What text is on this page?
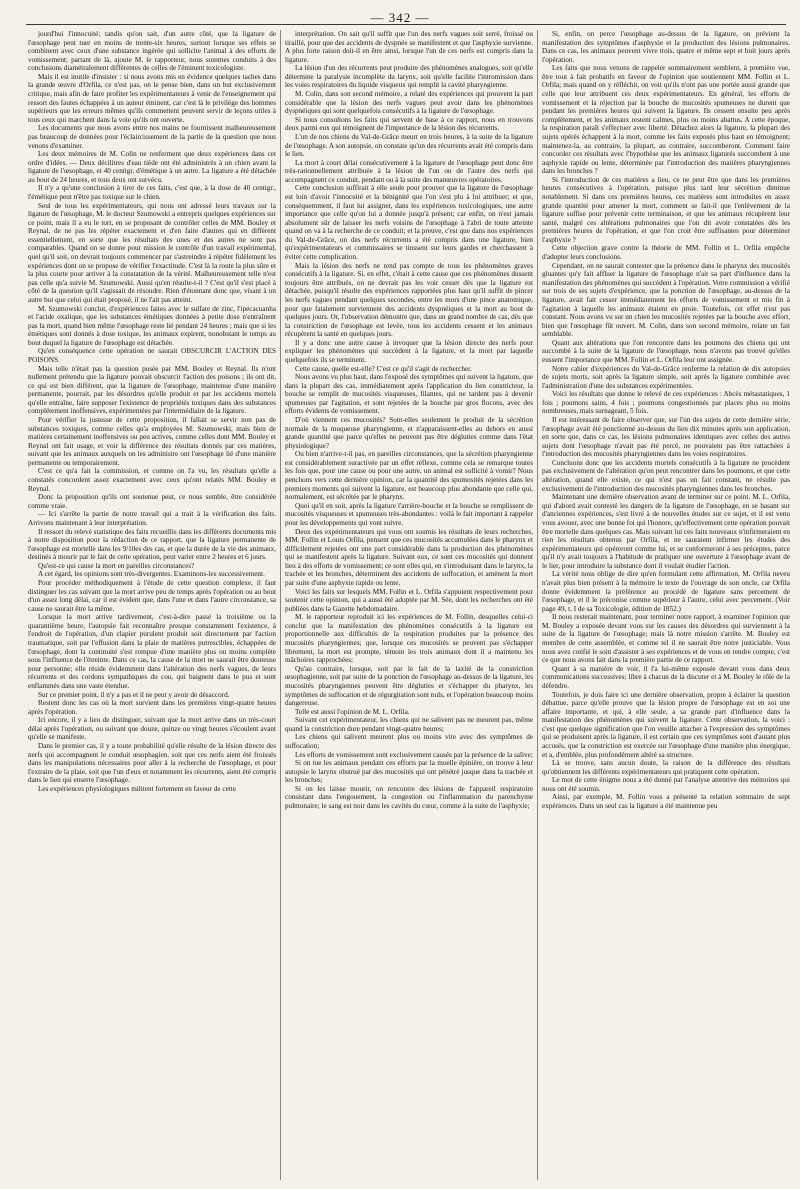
— 342 —

jourd'hui l'innocuité; tandis qu'on sait, d'un autre côté, que la ligature de l'œsophage peut tuer en moins de trente-six heures, surtout lorsque ses effets se combinent avec ceux d'une substance ingérée qui sollicite l'animal à des efforts de vomissement; partant de là, ajoute M. le rapporteur, nous sommes conduits à des conclusions diamétralement différentes de celles de l'éminent toxicologiste.

Mais il est inutile d'insister : si nous avons mis en évidence quelques taches dans la grande œuvre d'Orfila, ce n'est pas, on le pense bien, dans un but exclusivement critique, mais afin de faire profiter les expérimentateurs à venir de l'enseignement qui ressort des fautes échappées à un auteur éminent, car c'est là le privilége des hommes supérieurs que les erreurs mêmes qu'ils commettent peuvent servir de leçons utiles à tous ceux qui marchent dans la voie qu'ils ont ouverte.

Les documents que nous avons entre nos mains ne fournissent malheureusement pas beaucoup de données pour l'éclaircissement de la partie de la question que nous venons d'examiner.

Les deux mémoires de M. Colin ne renferment que deux expériences dans cet ordre d'idées. — Deux décilitres d'eau tiède ont été administrés à un chien avant la ligature de l'œsophage, et 40 centigr. d'émétique à un autre. La ligature a été détachée au bout de 24 heures, et tous deux ont survécu.

Il n'y a qu'une conclusion à tirer de ces faits, c'est que, à la dose de 40 centigr., l'émétique peut n'être pas toxique sur le chien.

Seul de tous les expérimentateurs, qui nous ont adressé leurs travaux sur la ligature de l'œsophage, M. le docteur Szumowski a entrepris quelques expériences sur ce point, mais il a eu le tort, en se proposant de contrôler celles de MM. Bouley et Reynal, de ne pas les répéter exactement et d'en faire d'autres qui en diffèrent essentiellement, en sorte que les résultats des unes et des autres ne sont pas comparables. Quand on se donne pour mission le contrôle d'un travail expérimental, quel qu'il soit, on devrait toujours commencer par s'astreindre à répéter fidèlement les expériences dont on se propose de vérifier l'exactitude. C'est là la route la plus sûre et la plus courte pour arriver à la constatation de la vérité. Malheureusement telle n'est pas celle qu'a suivie M. Szumowski. Aussi qu'en résulte-t-il ? C'est qu'il s'est placé à côté de la question qu'il s'agissait de résoudre. Rien d'étonnant donc que, visant à un autre but que celui qui était proposé, il ne l'ait pas atteint.

M. Szumowski conclut, d'expériences faites avec le sulfate de zinc, l'ipécacuanha et l'acide oxalique, que les substances émétiques données à petite dose n'entraînent pas la mort, quand bien même l'œsophage reste lié pendant 24 heures ; mais que si les émétiques sont donnés à dose toxique, les animaux expirent, nonobstant le temps au bout duquel la ligature de l'œsophage est détachée.

Qu'en conséquence cette opération ne saurait OBSCURCIR L'ACTION DES POISONS.

Mais telle n'était pas la question posée par MM. Bouley et Reynal. Ils n'ont nullement prétendu que la ligature pouvait obscurcir l'action des poisons ; ils ont dit, ce qui est bien différent, que la ligature de l'œsophage, maintenue d'une manière permanente, pourrait, par les désordres qu'elle produit et par les accidents mortels qu'elle entraîne, faire supposer l'existence de propriétés toxiques dans des substances complétement inoffensives, expérimentées par l'intermédiaire de la ligature.

Pour vérifier la justesse de cette proposition, il fallait se servir non pas de substances toxiques, comme celles qu'a employées M. Szumowski, mais bien de matières certainement inoffensives ou peu actives, comme celles dont MM. Bouley et Reynal ont fait usage, et voir la différence des résultats donnés par ces matières, suivant que les animaux auxquels on les administre ont l'œsophage lié d'une manière permanente ou temporairement.

C'est ce qu'a fait la commission, et comme on l'a vu, les résultats qu'elle a constatés concordent assez exactement avec ceux qu'ont relatés MM. Bouley et Reynal.

Donc la proposition qu'ils ont soutenue peut, ce nous semble, être considérée comme vraie.

— Ici s'arrête la partie de notre travail qui a trait à la vérification des faits. Arrivons maintenant à leur interprétation.

Il ressort du relevé statistique des faits recueillis dans les différents documents mis à notre disposition pour la rédaction de ce rapport, que la ligature permanente de l'œsophage est mortelle dans les 9/10es des cas, et que la durée de la vie des animaux, destinés à mourir par le fait de cette opération, peut varier entre 2 heures et 6 jours.

Qu'est-ce qui cause la mort en pareilles circonstances?

A cet égard, les opinions sont très-divergentes. Examinons-les successivement.

Pour procéder méthodiquement à l'étude de cette question complexe, il faut distinguer les cas suivant que la mort arrive peu de temps après l'opération ou au bout d'un assez long délai, car il est évident que, dans l'une et dans l'autre circonstance, sa cause ne saurait être la même.

Lorsque la mort arrive tardivement, c'est-à-dire passé la troisième ou la quarantième heure, l'autopsie fait reconnaître presque constamment l'existence, à l'endroit de l'opération, d'un clapier purulent produit soit directement par l'action traumatique, soit par l'effusion dans la plaie de matières putrescibles, échappées de l'œsophage, dont la continuité s'est rompue d'une manière plus ou moins complète sous l'influence de l'étreinte. Dans ce cas, la cause de la mort ne saurait être douteuse pour personne; elle réside évidemment dans l'altération des nerfs vagues, de leurs récurrents et des cordons sympathiques du cou, qui baignent dans le pus et sont enflammés dans une vaste étendue.

Sur ce premier point, il n'y a pas et il ne peut y avoir de désaccord.

Restent donc les cas où la mort survient dans les premières vingt-quatre heures après l'opération.

Ici encore, il y a lieu de distinguer, suivant que la mort arrive dans un très-court délai après l'opération, ou suivant que douze, quinze ou vingt heures s'écoulent avant qu'elle se manifeste.

Dans le premier cas, il y a toute probabilité qu'elle résulte de la lésion directe des nerfs qui accompagnent le conduit œsophagien, soit que ces nerfs aient été froissés dans les manipulations nécessaires pour aller à la recherche de l'œsophage, et pour l'extraire de la plaie, soit que l'un d'eux et notamment les récurrents, aient été compris dans le lien qui enserre l'œsophage.

Les expériences physiologiques militent fortement en faveur de cette

interprétation. On sait qu'il suffit que l'un des nerfs vagues soit serré, froissé ou tiraillé, pour que des accidents de dyspnée se manifestent et que l'asphyxie survienne. A plus forte raison doit-il en être ainsi, lorsque l'un de ces nerfs est compris dans la ligature.

La lésion d'un des récurrents peut produire des phénomènes analogues, soit qu'elle détermine la paralysie incomplète du larynx, soit qu'elle facilite l'intromission dans les voies respiratoires du liquide visqueux qui remplit la cavité pharyngienne.

M. Colin, dans son second mémoire, a relaté des expériences qui prouvent la part considérable que la lésion des nerfs vagues peut avoir dans les phénomènes dyspnéiques qui sont quelquefois consécutifs à la ligature de l'œsophage.

Si nous consultons les faits qui servent de base à ce rapport, nous en trouvons deux parmi eux qui témoignent de l'importance de la lésion des récurrents.

L'un de nos chiens du Val-de-Grâce meurt en trois heures, à la suite de la ligature de l'œsophage. A son autopsie, on constate qu'un des récurrents avait été compris dans le lien.

La mort à court délai consécutivement à la ligature de l'œsophage peut donc être très-rationnellement attribuée à la lésion de l'un ou de l'autre des nerfs qui accompagnent ce conduit, pendant ou à la suite des manœuvres opératoires.

Cette conclusion suffirait à elle seule pour prouver que la ligature de l'œsophage est loin d'avoir l'innocuité et la bénignité que l'on s'est plu à lui attribuer; et que, conséquemment, il faut lui assigner, dans les expériences toxicologiques, une autre importance que celle qu'on lui a donnée jusqu'à présent; car enfin, on n'est jamais absolument sûr de laisser les nerfs voisins de l'œsophage à l'abri de toute atteinte quand on va à la recherche de ce conduit; et la preuve, c'est que dans nos expériences du Val-de-Grâce, un des nerfs récurrents a été compris dans une ligature, bien qu'expérimentateurs et commissaires se tinssent sur leurs gardes et cherchassent à éviter cette complication.

Mais la lésion des nerfs ne rend pas compte de tous les phénomènes graves consécutifs à la ligature. Si, en effet, c'était à cette cause que ces phénomènes dussent toujours être attribués, on ne devrait pas les voir cesser dès que la ligature est détachée, puisqu'il résulte des expériences rapportées plus haut qu'il suffit de pincer les nerfs vagues pendant quelques secondes, entre les mors d'une pince anatomique, pour que fatalement surviennent des accidents dyspnéiques et la mort au bout de quelques jours. Or, l'observation démontre que, dans un grand nombre de cas, dès que la constriction de l'œsophage est levée, tous les accidents cessent et les animaux récupèrent la santé en quelques jours.

Il y a donc une autre cause à invoquer que la lésion directe des nerfs pour expliquer les phénomènes qui succèdent à la ligature, et la mort par laquelle quelquefois ils se terminent.

Cette cause, quelle est-elle? C'est ce qu'il s'agit de rechercher.

Nous avons vu plus haut, dans l'exposé des symptômes qui suivent la ligature, que dans la plupart des cas, immédiatement après l'application du lien constricteur, la bouche se remplit de mucosités visqueuses, filantes, qui ne tardent pas à devenir spumeuses par l'agitation, et sont rejetées de la bouche par gros flocons, avec des efforts évidents de vomissement.

D'où viennent ces mucosités? Sont-elles seulement le produit de la sécrétion normale de la muqueuse pharyngienne, et n'apparaissent-elles au dehors en aussi grande quantité que parce qu'elles ne peuvent pas être dégluties comme dans l'état physiologique?

Ou bien n'arrive-t-il pas, en pareilles circonstances, que la sécrétion pharyngienne est considérablement suractivée par un effet réflexe, comme cela se remarque toutes les fois que, pour une cause ou pour une autre, un animal est sollicité à vomir? Nous penchons vers cette dernière opinion, car la quantité des spumosités rejetées dans les premiers moments qui suivent la ligature, est beaucoup plus abondante que celle qui, normalement, est sécrétée par le pharynx.

Quoi qu'il en soit, après la ligature l'arrière-bouche et la bouche se remplissent de mucosités visqueuses et spumeuses très-abondantes : voilà le fait important à rappeler pour les développements qui vont suivre.

Deux des expérimentateurs qui vous ont soumis les résultats de leurs recherches, MM. Follin et Louis Orfila, pensent que ces mucosités accumulées dans le pharynx et difficilement rejetées ont une part considérable dans la production des phénomènes qui se manifestent après la ligature. Suivant eux, ce sont ces mucosités qui donnent lieu à des efforts de vomissement; ce sont elles qui, en s'introduisant dans le larynx, la trachée et les bronches, déterminent des accidents de suffocation, et amènent la mort par suite d'une asphyxie rapide ou lente.

Voici les faits sur lesquels MM. Follin et L. Orfila s'appuient respectivement pour soutenir cette opinion, qui a aussi été adoptée par M. Sée, dont les recherches ont été publiées dans la Gazette hebdomadaire.

M. le rapporteur reproduit ici les expériences de M. Follin, desquelles celui-ci conclut que la manifestation des phénomènes consécutifs à la ligature est proportionnelle aux difficultés de la respiration produites par la présence des mucosités pharyngiennes; que, lorsque ces mucosités se peuvent pas s'échapper librement, la mort est prompte, témoin les trois animaux dont il a maintenu les mâchoires rapprochées;

Qu'au contraire, lorsque, soit par le fait de la laxité de la constriction œsophagienne, soit par suite de la ponction de l'œsophage au-dessus de la ligature, les mucosités pharyngiennes peuvent être dégluties et s'échapper du pharynx, les symptômes de suffocation et de régurgitation sont nuls, et l'opération beaucoup moins dangereuse.

Telle est aussi l'opinion de M. L. Orfila.

Suivant cet expérimentateur, les chiens qui ne salivent pas ne meurent pas, même quand la constriction dure pendant vingt-quatre heures;

Les chiens qui salivent meurent plus ou moins vite avec des symptômes de suffocation;

Les efforts de vomissement sont exclusivement causés par la présence de la salive;

Si on tue les animaux pendant ces efforts par la moelle épinière, on trouve à leur autopsie le larynx obstrué par des mucosités qui ont pénétré jusque dans la trachée et les bronches;

Si on les laisse mourir, on rencontre des lésions de l'appareil respiratoire consistant dans l'engouement, la congestion ou l'inflammation du parenchyme pulmonaire; le sang est noir dans les cavités du cœur, comme à la suite de l'asphyxie;

Si, enfin, on perce l'œsophage au-dessus de la ligature, on prévient la manifestation des symptômes d'asphyxie et la production des lésions pulmonaires. Dans ce cas, les animaux peuvent vivre trois, quatre et même sept et huit jours après l'opération.

Les faits que nous venons de rappeler sommairement semblent, à première vue, être tout à fait probatifs en faveur de l'opinion que soutiennent MM. Follin et L. Orfila; mais quand on y réfléchit, on voit qu'ils n'ont pas une portée aussi grande que celle que leur attribuent ces deux expérimentateurs. En général, les efforts de vomissement et la réjection par la bouche de mucosités spumeuses ne durent que pendant les premières heures qui suivent la ligature. Ils cessent ensuite peu après complètement, et les animaux restent calmes, plus ou moins abattus. A cette époque, la respiration paraît s'effectuer avec liberté. Détachez alors la ligature, la plupart des sujets opérés échappent à la mort, comme les faits exposés plus haut en témoignent; maintenez-la, au contraire, la plupart, au contraire, succomberont. Comment faire concorder ces résultats avec l'hypothèse que les animaux ligaturés succombent à une asphyxie rapide ou lente, déterminée par l'introduction des matières pharyngiennes dans les bronches ?

Si l'introduction de ces matières a lieu, ce ne peut être que dans les premières heures consécutives à l'opération, puisque plus tard leur sécrétion diminue notablement. Si dans ces premières heures, ces matières sont introduites en assez grande quantité pour amener la mort, comment se fait-il que l'enlèvement de la ligature suffise pour prévenir cette terminaison, et que les animaux récupèrent leur santé, malgré ces altérations pulmonaires que l'on dit avoir constatées dès les premières heures de l'opération, et que l'on croit être suffisantes pour déterminer l'asphyxie ?

Cette objection grave contre la théorie de MM. Follin et L. Orfila empêche d'adopter leurs conclusions.

Cependant, on ne saurait contester que la présence dans le pharynx des mucosités gluantes qu'y fait affluer la ligature de l'œsophage n'ait sa part d'influence dans la manifestation des phénomènes qui succèdent à l'opération. Votre commission a vérifié sur trois de ses sujets d'expérience, que la ponction de l'œsophage, au-dessus de la ligature, avait fait cesser immédiatement les efforts de vomissement et mis fin à l'agitation à laquelle les animaux étaient en proie. Toutefois, cet effet n'est pas constant. Nous avons vu sur un chien les mucosités rejetées par la bouche avec effort, bien que l'œsophage fût ouvert. M. Colin, dans son second mémoire, relate un fait semblable.

Quant aux altérations que l'on rencontre dans les poumons des chiens qui ont succombé à la suite de la ligature de l'œsophage, nous n'avons pas trouvé qu'elles eussent l'importance que MM. Follin et L. Orfila leur ont assignée.

Notre cahier d'expériences du Val-de-Grâce renferme la relation de dix autopsies de sujets morts, soit après la ligature simple, soit après la ligature combinée avec l'administration d'une des substances expérimentées.

Voici les résultats que donne le relevé de ces expériences : Abcès métastatiques, 1 fois ; poumons sains, 4 fois ; poumons congestionnés par places plus ou moins nombreuses, mais surnageant, 5 fois.

Il est intéressant de faire observer que, sur l'un des sujets de cette dernière série, l'œsophage avait été ponctionné au-dessus du lien dix minutes après son application, en sorte que, dans ce cas, les lésions pulmonaires identiques avec celles des autres sujets dont l'œsophage n'avait pas été percé, ne pouvaient pas être rattachées à l'introduction des mucosités pharyngiennes dans les voies respiratoires.

Concluons donc que les accidents mortels consécutifs à la ligature ne procèdent pas exclusivement de l'altération qu'on peut rencontrer dans les poumons, et que cette altération, quand elle existe, ce qui n'est pas un fait constant, ne résulte pas exclusivement de l'introduction des mucosités pharyngiennes dans les bronches.

Maintenant une dernière observation avant de terminer sur ce point. M. L. Orfila, qui d'abord avait contesté les dangers de la ligature de l'œsophage, en se basant sur d'anciennes expériences, s'est livré à de nouvelles études sur ce sujet, et il est venu vous avouer, avec une bonne foi qui l'honore, qu'effectivement cette opération pouvait être mortelle dans quelques cas. Mais suivant lui ces faits nouveaux n'infirmeraient en rien les résultats obtenus par Orfila, et ne sauraient infirmer les études des expérimentateurs qui opéreront comme lui, et se conformeront à ses préceptes, parce qu'il n'y avait toujours à l'habitude de pratiquer une ouverture à l'œsophage avant de le lier, pour introduire la substance dont il voulait étudier l'action.

La vérité nous oblige de dire qu'en formulant cette affirmation, M. Orfila neveu n'avait plus bien présent à la mémoire le texte de l'ouvrage de son oncle, car Orfila donne évidemment la préférence au procédé de ligature sans percement de l'œsophage, et il le préconise comme supérieur à l'autre, celui avec percement. (Voir page 49, t. I de sa Toxicologie, édition de 1852.)

Il nous resterait maintenant, pour terminer notre rapport, à examiner l'opinion que M. Bouley a exposée devant vous sur les causes des désordres qui surviennent à la suite de la ligature de l'œsophage; mais là notre mission s'arrête. M. Bouley est membre de cette assemblée, et comme tel il ne saurait être notre justiciable. Vous nous avez confié le soin d'assister à ses expériences et de vous en rendre compte, c'est ce que nous avons fait dans la première partie de ce rapport.

Quant à sa manière de voir, il l'a lui-même exposée devant vous dans deux communications successives; libre à chacun de la discuter et à M. Bouley le rôle de la défendre.

Toutefois, je dois faire ici une dernière observation, propre à éclairer la question débattue, parce qu'elle prouve que la lésion propre de l'œsophage est en soi une affaire importante, et qui, à elle seule, a sa grande part d'influence dans la manifestation des phénomènes qui suivent la ligature. Cette observation, la voici : c'est que quelque signification que l'on veuille attacher à l'expression des symptômes qui se produisent après la ligature, il est certain que ces symptômes sont d'autant plus accusés, que la constriction est exercée sur l'œsophage d'une manière plus énergique, et a, d'emblée, plus profondément altéré sa structure.

Là se trouve, sans aucun doute, la raison de la différence des résultats qu'obtiennent les différents expérimentateurs qui pratiquent cette opération.

Le mot de cette énigme nous a été donné par l'analyse attentive des mémoires qui nous ont été soumis.

Ainsi, par exemple, M. Follin vous a présenté la relation sommaire de sept expériences. Dans un seul cas la ligature a été maintenue peu
